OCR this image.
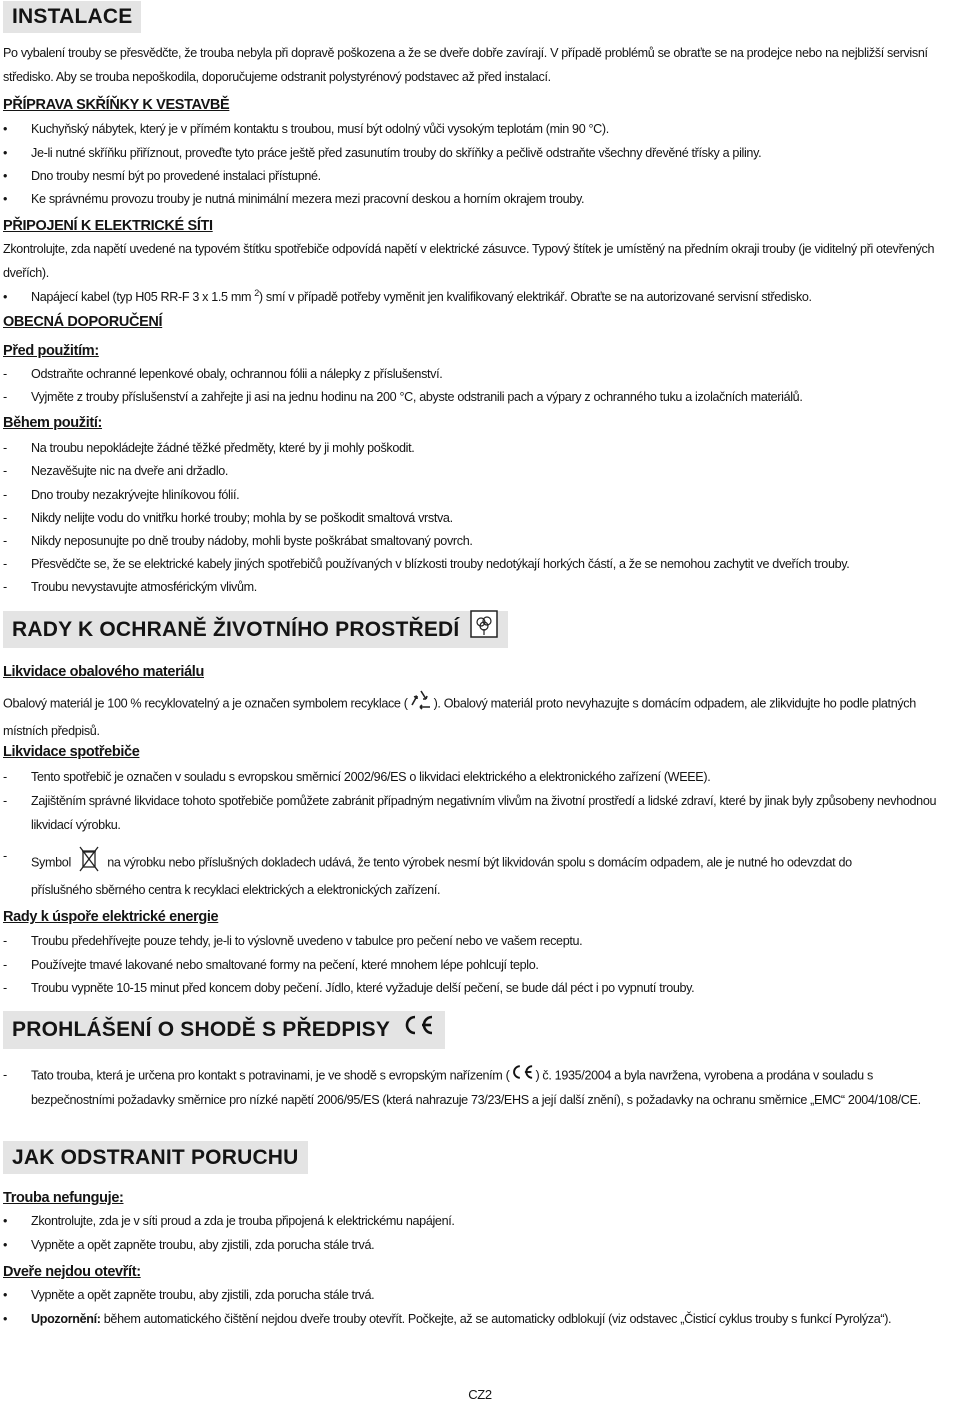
INSTALACE
Po vybalení trouby se přesvědčte, že trouba nebyla při dopravě poškozena a že se dveře dobře zavírají. V případě problémů se obraťte se na prodejce nebo na nejbližší servisní středisko. Aby se trouba nepoškodila, doporučujeme odstranit polystyrénový podstavec až před instalací.
PŘÍPRAVA SKŘÍŇKY K VESTAVBĚ
•	Kuchyňský nábytek, který je v přímém kontaktu s troubou, musí být odolný vůči vysokým teplotám (min 90 °C).
•	Je-li nutné skříňku přiříznout, proveďte tyto práce ještě před zasunutím trouby do skříňky a pečlivě odstraňte všechny dřevěné třísky a piliny.
•	Dno trouby nesmí být po provedené instalaci přístupné.
•	Ke správnému provozu trouby je nutná minimální mezera mezi pracovní deskou a horním okrajem trouby.
PŘIPOJENÍ K ELEKTRICKÉ SÍTI
Zkontrolujte, zda napětí uvedené na typovém štítku spotřebiče odpovídá napětí v elektrické zásuvce. Typový štítek je umístěný na předním okraji trouby (je viditelný při otevřených dveřích).
•	Napájecí kabel (typ H05 RR-F 3 x 1.5 mm $^2$) smí v případě potřeby vyměnit jen kvalifikovaný elektrikář. Obraťte se na autorizované servisní středisko.
OBECNÁ DOPORUČENÍ
Před použitím:
-	Odstraňte ochranné lepenkové obaly, ochrannou fólii a nálepky z příslušenství.
-	Vyjměte z trouby příslušenství a zahřejte ji asi na jednu hodinu na 200 °C, abyste odstranili pach a výpary z ochranného tuku a izolačních materiálů.
Během použití:
-	Na troubu nepokládejte žádné těžké předměty, které by ji mohly poškodit.
-	Nezavěšujte nic na dveře ani držadlo.
-	Dno trouby nezakrývejte hliníkovou fólií.
-	Nikdy nelijte vodu do vnitřku horké trouby; mohla by se poškodit smaltová vrstva.
-	Nikdy neposunujte po dně trouby nádoby, mohli byste poškrábat smaltovaný povrch.
-	Přesvědčte se, že se elektrické kabely jiných spotřebičů používaných v blízkosti trouby nedotýkají horkých částí, a že se nemohou zachytit ve dveřích trouby.
-	Troubu nevystavujte atmosférickým vlivům.
RADY K OCHRANĚ ŽIVOTNÍHO PROSTŘEDÍ
Likvidace obalového materiálu
Obalový materiál je 100 % recyklovatelný a je označen symbolem recyklace ( ). Obalový materiál proto nevyhazujte s domácím odpadem, ale zlikvidujte ho podle platných místních předpisů.
Likvidace spotřebiče
-	Tento spotřebič je označen v souladu s evropskou směrnicí 2002/96/ES o likvidaci elektrického a elektronického zařízení (WEEE).
-	Zajištěním správné likvidace tohoto spotřebiče pomůžete zabránit případným negativním vlivům na životní prostředí a lidské zdraví, které by jinak byly způsobeny nevhodnou likvidací výrobku.
-	Symbol	na výrobku nebo příslušných dokladech udává, že tento výrobek nesmí být likvidován spolu s domácím odpadem, ale je nutné ho odevzdat do
příslušného sběrného centra k recyklaci elektrických a elektronických zařízení.
Rady k úspoře elektrické energie
-	Troubu předehřívejte pouze tehdy, je-li to výslovně uvedeno v tabulce pro pečení nebo ve vašem receptu.
-	Používejte tmavé lakované nebo smaltované formy na pečení, které mnohem lépe pohlcují teplo.
-	Troubu vypněte 10-15 minut před koncem doby pečení. Jídlo, které vyžaduje delší pečení, se bude dál péct i po vypnutí trouby.
PROHLÁŠENÍ O SHODĚ S PŘEDPISY
-	Tato trouba, která je určena pro kontakt s potravinami, je ve shodě s evropským nařízením ( ) č. 1935/2004 a byla navržena, vyrobena a prodána v souladu s bezpečnostními požadavky směrnice pro nízké napětí 2006/95/ES (která nahrazuje 73/23/EHS a její další znění), s požadavky na ochranu směrnice „EMC“ 2004/108/CE.
JAK ODSTRANIT PORUCHU
Trouba nefunguje:
•	Zkontrolujte, zda je v síti proud a zda je trouba připojená k elektrickému napájení.
•	Vypněte a opět zapněte troubu, aby zjistili, zda porucha stále trvá.
Dveře nejdou otevřít:
•	Vypněte a opět zapněte troubu, aby zjistili, zda porucha stále trvá.
•	Upozornění: během automatického čištění nejdou dveře trouby otevřít. Počkejte, až se automaticky odblokují (viz odstavec „Čisticí cyklus trouby s funkcí Pyrolýza“).
CZ2
